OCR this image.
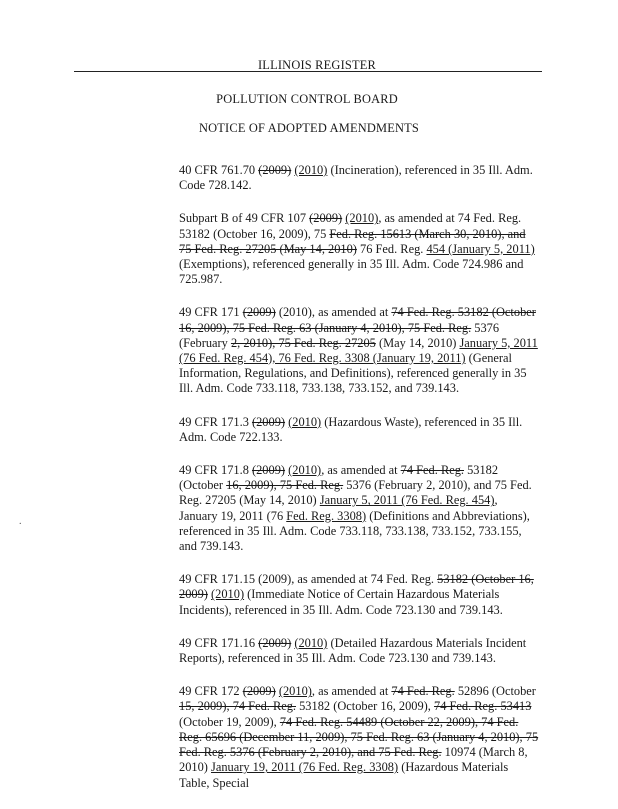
ILLINOIS REGISTER
POLLUTION CONTROL BOARD
NOTICE OF ADOPTED AMENDMENTS
.

40 CFR 761.70 (2009) (2010) (Incineration), referenced in 35 Ill. Adm. Code 728.142.

Subpart B of 49 CFR 107 (2009) (2010), as amended at 74 Fed. Reg. 53182 (October 16, 2009), 75 Fed. Reg. 15613 (March 30, 2010), and 75 Fed. Reg. 27205 (May 14, 2010) 76 Fed. Reg. 454 (January 5, 2011) (Exemptions), referenced generally in 35 Ill. Adm. Code 724.986 and 725.987.

49 CFR 171 (2009) (2010), as amended at 74 Fed. Reg. 53182 (October 16, 2009), 75 Fed. Reg. 63 (January 4, 2010), 75 Fed. Reg. 5376 (February 2, 2010), 75 Fed. Reg. 27205 (May 14, 2010) January 5, 2011 (76 Fed. Reg. 454), 76 Fed. Reg. 3308 (January 19, 2011) (General Information, Regulations, and Definitions), referenced generally in 35 Ill. Adm. Code 733.118, 733.138, 733.152, and 739.143.

49 CFR 171.3 (2009) (2010) (Hazardous Waste), referenced in 35 Ill. Adm. Code 722.133.

49 CFR 171.8 (2009) (2010), as amended at 74 Fed. Reg. 53182 (October 16, 2009), 75 Fed. Reg. 5376 (February 2, 2010), and 75 Fed. Reg. 27205 (May 14, 2010) January 5, 2011 (76 Fed. Reg. 454), January 19, 2011 (76 Fed. Reg. 3308) (Definitions and Abbreviations), referenced in 35 Ill. Adm. Code 733.118, 733.138, 733.152, 733.155, and 739.143.

49 CFR 171.15 (2009), as amended at 74 Fed. Reg. 53182 (October 16, 2009) (2010) (Immediate Notice of Certain Hazardous Materials Incidents), referenced in 35 Ill. Adm. Code 723.130 and 739.143.

49 CFR 171.16 (2009) (2010) (Detailed Hazardous Materials Incident Reports), referenced in 35 Ill. Adm. Code 723.130 and 739.143.

49 CFR 172 (2009) (2010), as amended at 74 Fed. Reg. 52896 (October 15, 2009), 74 Fed. Reg. 53182 (October 16, 2009), 74 Fed. Reg. 53413 (October 19, 2009), 74 Fed. Reg. 54489 (October 22, 2009), 74 Fed. Reg. 65696 (December 11, 2009), 75 Fed. Reg. 63 (January 4, 2010), 75 Fed. Reg. 5376 (February 2, 2010), and 75 Fed. Reg. 10974 (March 8, 2010) January 19, 2011 (76 Fed. Reg. 3308) (Hazardous Materials Table, Special
